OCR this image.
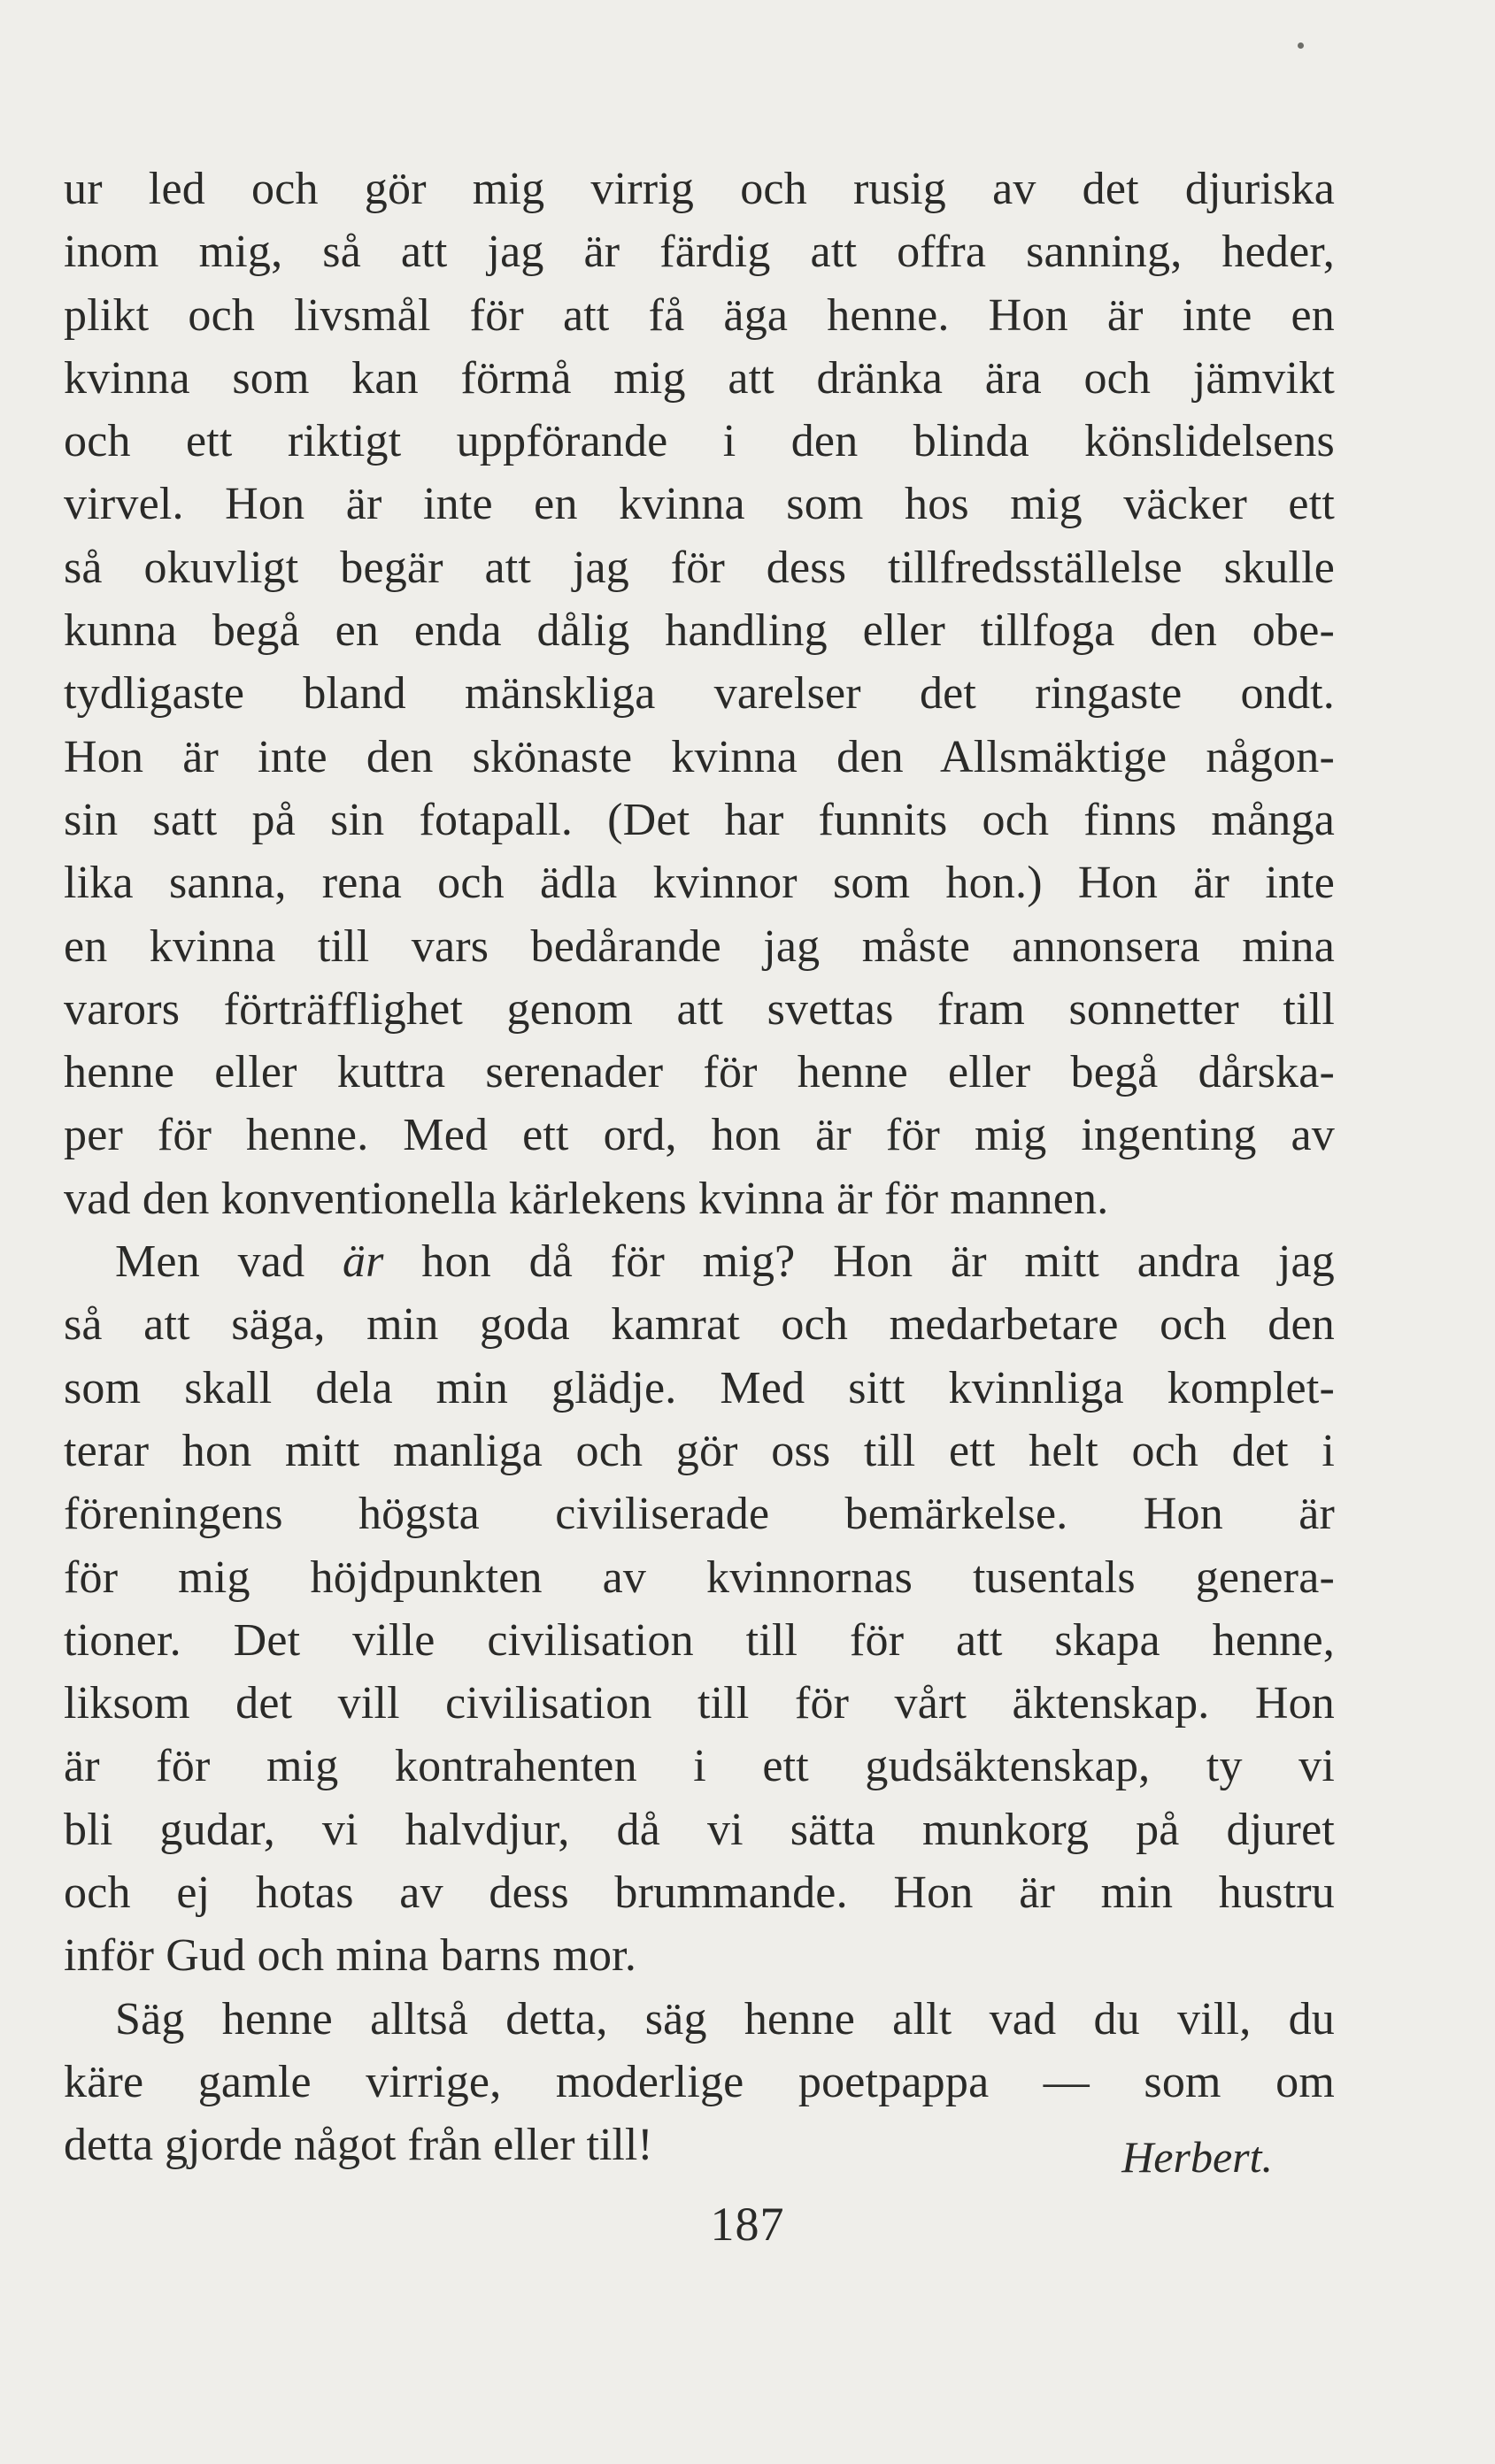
ur led och gör mig virrig och rusig av det djuriska
inom mig, så att jag är färdig att offra sanning, heder,
plikt och livsmål för att få äga henne. Hon är inte en
kvinna som kan förmå mig att dränka ära och jämvikt
och ett riktigt uppförande i den blinda könslidelsens
virvel. Hon är inte en kvinna som hos mig väcker ett
så okuvligt begär att jag för dess tillfredsställelse skulle
kunna begå en enda dålig handling eller tillfoga den obe-
tydligaste bland mänskliga varelser det ringaste ondt.
Hon är inte den skönaste kvinna den Allsmäktige någon-
sin satt på sin fotapall. (Det har funnits och finns många
lika sanna, rena och ädla kvinnor som hon.) Hon är inte
en kvinna till vars bedårande jag måste annonsera mina
varors förträfflighet genom att svettas fram sonnetter till
henne eller kuttra serenader för henne eller begå dårska-
per för henne. Med ett ord, hon är för mig ingenting av
vad den konventionella kärlekens kvinna är för mannen.
Men vad är hon då för mig? Hon är mitt andra jag
så att säga, min goda kamrat och medarbetare och den
som skall dela min glädje. Med sitt kvinnliga komplet-
terar hon mitt manliga och gör oss till ett helt och det i
föreningens högsta civiliserade bemärkelse. Hon är
för mig höjdpunkten av kvinnornas tusentals genera-
tioner. Det ville civilisation till för att skapa henne,
liksom det vill civilisation till för vårt äktenskap. Hon
är för mig kontrahenten i ett gudsäktenskap, ty vi
bli gudar, vi halvdjur, då vi sätta munkorg på djuret
och ej hotas av dess brummande. Hon är min hustru
inför Gud och mina barns mor.
Säg henne alltså detta, säg henne allt vad du vill, du
käre gamle virrige, moderlige poetpappa — som om
detta gjorde något från eller till!	Herbert.
187
